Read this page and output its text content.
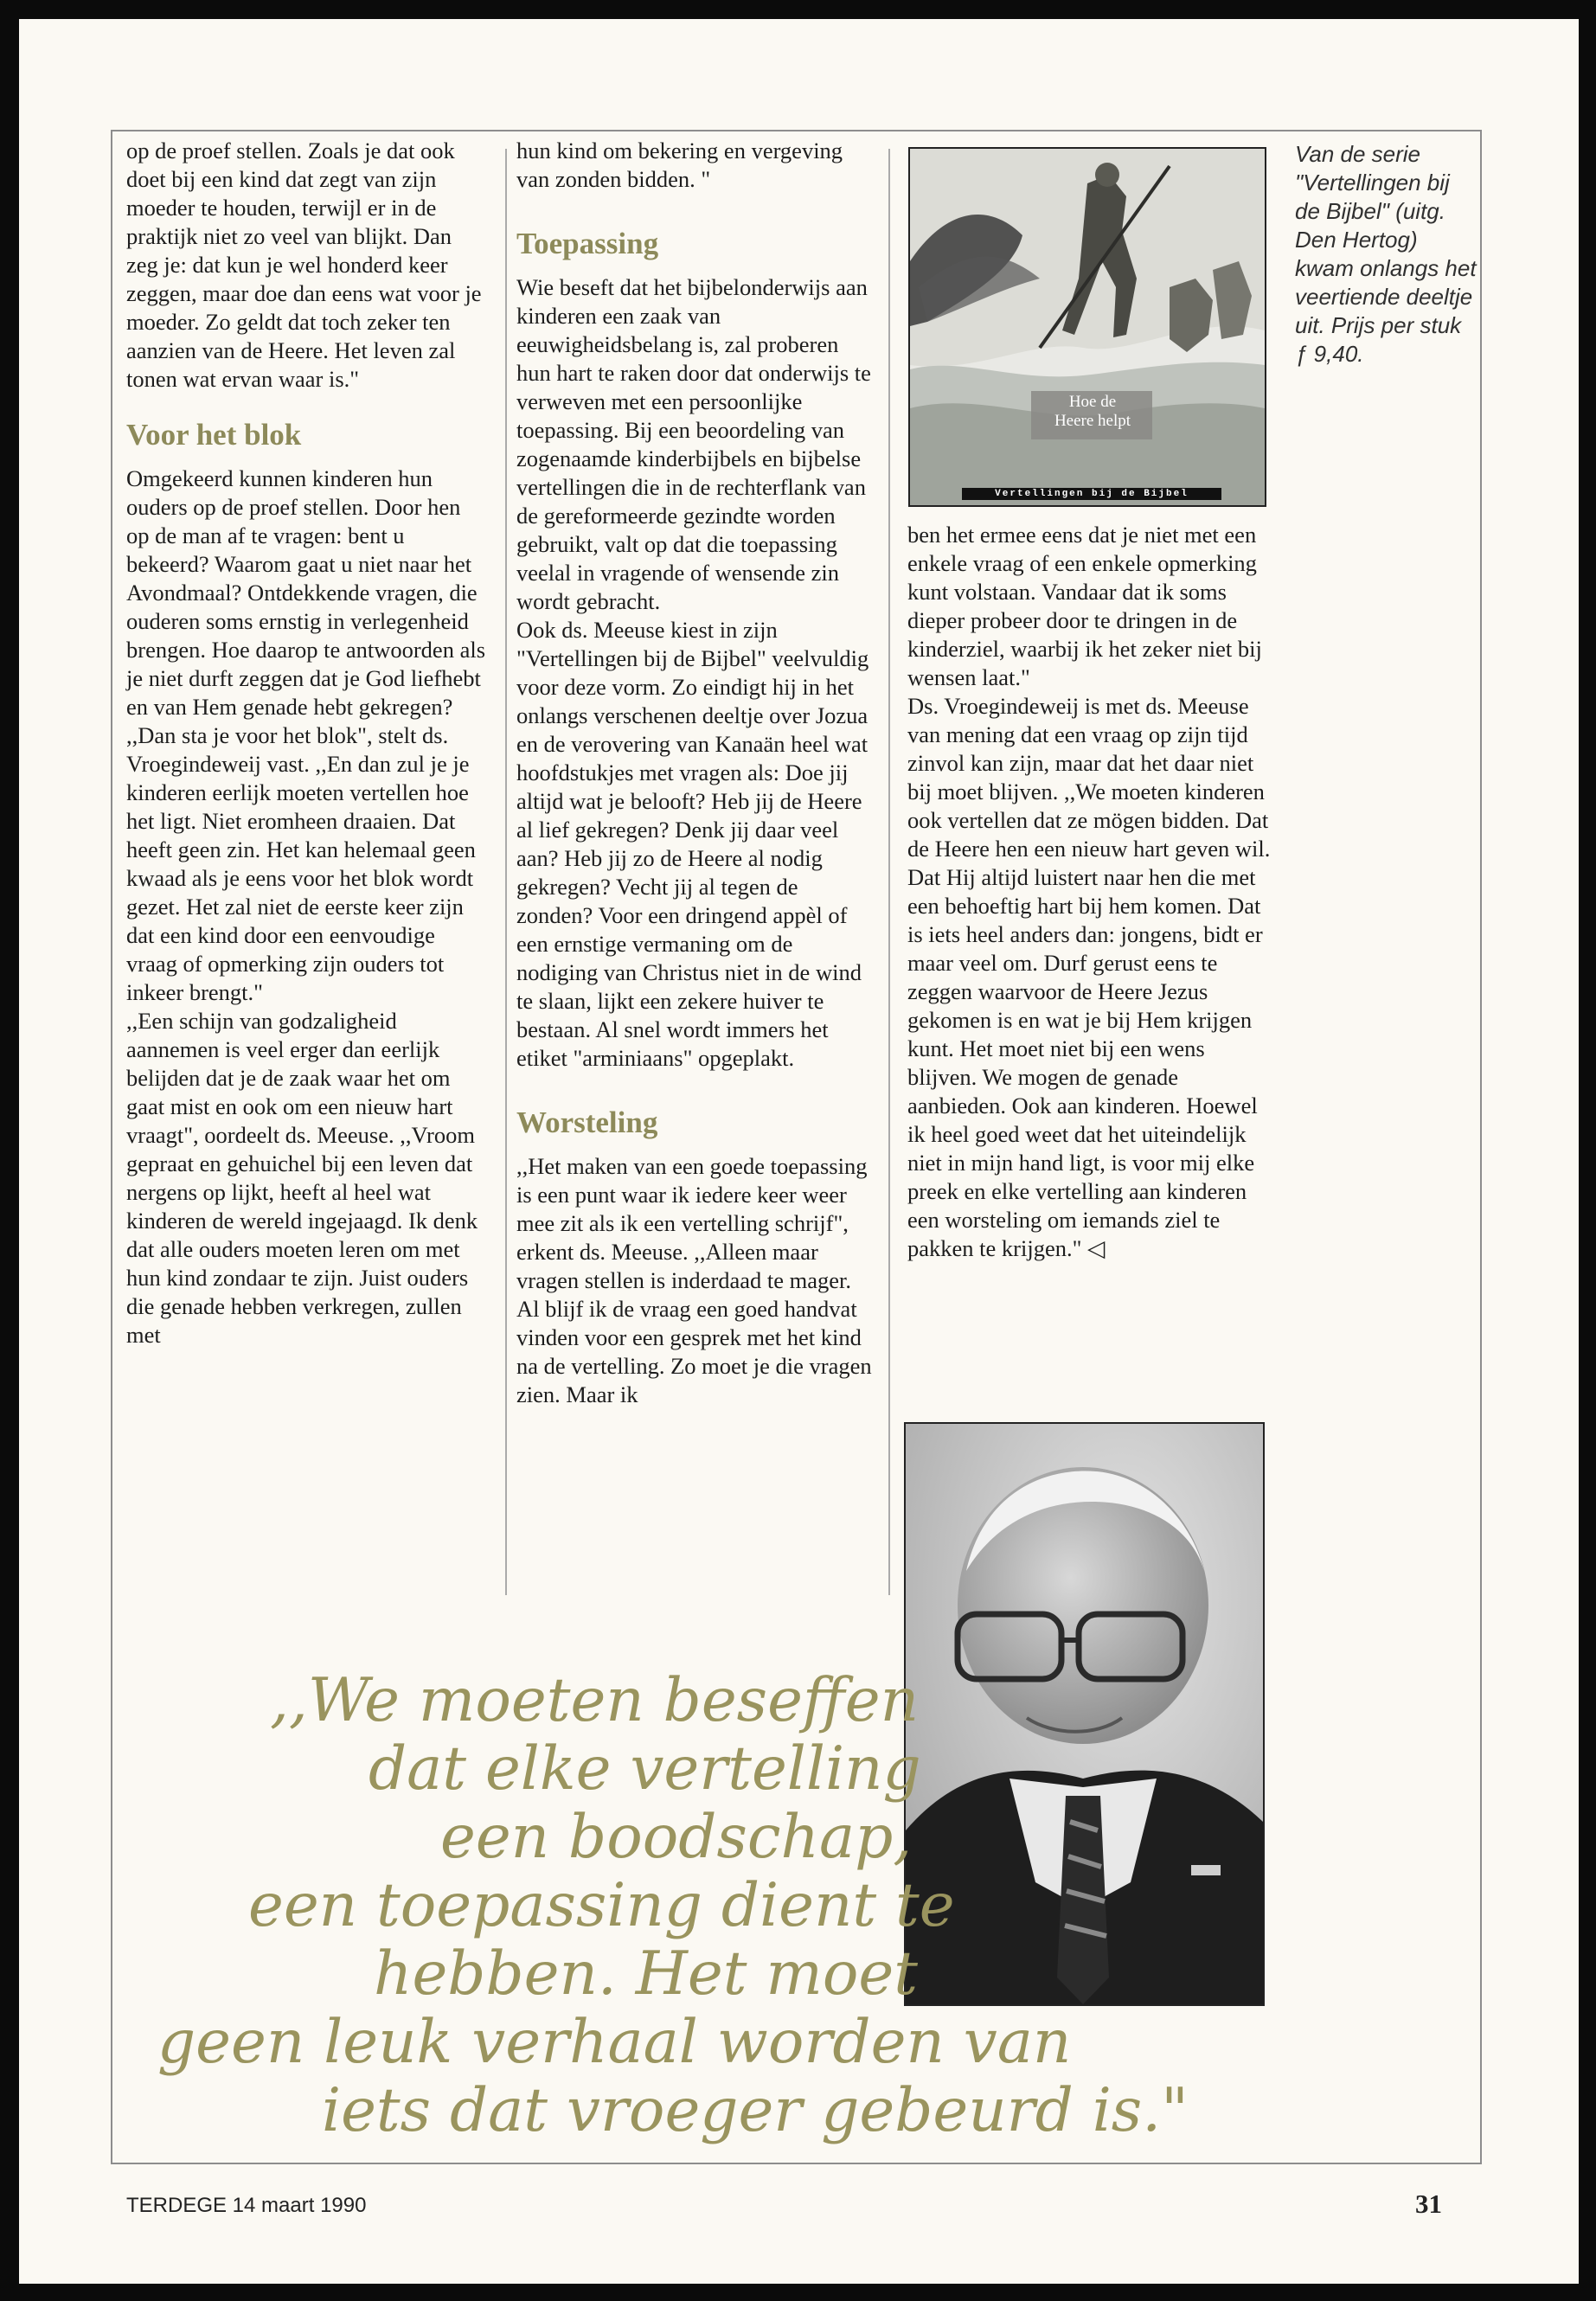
op de proef stellen. Zoals je dat ook doet bij een kind dat zegt van zijn moeder te houden, terwijl er in de praktijk niet zo veel van blijkt. Dan zeg je: dat kun je wel honderd keer zeggen, maar doe dan eens wat voor je moeder. Zo geldt dat toch zeker ten aanzien van de Heere. Het leven zal tonen wat ervan waar is."

Voor het blok

Omgekeerd kunnen kinderen hun ouders op de proef stellen. Door hen op de man af te vragen: bent u bekeerd? Waarom gaat u niet naar het Avondmaal? Ontdekkende vragen, die ouderen soms ernstig in verlegenheid brengen. Hoe daarop te antwoorden als je niet durft zeggen dat je God liefhebt en van Hem genade hebt gekregen?

,,Dan sta je voor het blok", stelt ds. Vroegindeweij vast. ,,En dan zul je je kinderen eerlijk moeten vertellen hoe het ligt. Niet eromheen draaien. Dat heeft geen zin. Het kan helemaal geen kwaad als je eens voor het blok wordt gezet. Het zal niet de eerste keer zijn dat een kind door een eenvoudige vraag of opmerking zijn ouders tot inkeer brengt."

,,Een schijn van godzaligheid aannemen is veel erger dan eerlijk belijden dat je de zaak waar het om gaat mist en ook om een nieuw hart vraagt", oordeelt ds. Meeuse. ,,Vroom gepraat en gehuichel bij een leven dat nergens op lijkt, heeft al heel wat kinderen de wereld ingejaagd. Ik denk dat alle ouders moeten leren om met hun kind zondaar te zijn. Juist ouders die genade hebben verkregen, zullen met

hun kind om bekering en vergeving van zonden bidden. "

Toepassing

Wie beseft dat het bijbelonderwijs aan kinderen een zaak van eeuwigheidsbelang is, zal proberen hun hart te raken door dat onderwijs te verweven met een persoonlijke toepassing. Bij een beoordeling van zogenaamde kinderbijbels en bijbelse vertellingen die in de rechterflank van de gereformeerde gezindte worden gebruikt, valt op dat die toepassing veelal in vragende of wensende zin wordt gebracht.

Ook ds. Meeuse kiest in zijn "Vertellingen bij de Bijbel" veelvuldig voor deze vorm. Zo eindigt hij in het onlangs verschenen deeltje over Jozua en de verovering van Kanaän heel wat hoofdstukjes met vragen als: Doe jij altijd wat je belooft? Heb jij de Heere al lief gekregen? Denk jij daar veel aan? Heb jij zo de Heere al nodig gekregen? Vecht jij al tegen de zonden? Voor een dringend appèl of een ernstige vermaning om de nodiging van Christus niet in de wind te slaan, lijkt een zekere huiver te bestaan. Al snel wordt immers het etiket "arminiaans" opgeplakt.

Worsteling

,,Het maken van een goede toepassing is een punt waar ik iedere keer weer mee zit als ik een vertelling schrijf", erkent ds. Meeuse. ,,Alleen maar vragen stellen is inderdaad te mager. Al blijf ik de vraag een goed handvat vinden voor een gesprek met het kind na de vertelling. Zo moet je die vragen zien. Maar ik

Hoe de
Heere helpt
Vertellingen bij de Bijbel
Van de serie "Vertellingen bij de Bijbel" (uitg. Den Hertog) kwam onlangs het veertiende deeltje uit. Prijs per stuk ƒ 9,40.

ben het ermee eens dat je niet met een enkele vraag of een enkele opmerking kunt volstaan. Vandaar dat ik soms dieper probeer door te dringen in de kinderziel, waarbij ik het zeker niet bij wensen laat."

Ds. Vroegindeweij is met ds. Meeuse van mening dat een vraag op zijn tijd zinvol kan zijn, maar dat het daar niet bij moet blijven. ,,We moeten kinderen ook vertellen dat ze mögen bidden. Dat de Heere hen een nieuw hart geven wil. Dat Hij altijd luistert naar hen die met een behoeftig hart bij hem komen. Dat is iets heel anders dan: jongens, bidt er maar veel om. Durf gerust eens te zeggen waarvoor de Heere Jezus gekomen is en wat je bij Hem krijgen kunt. Het moet niet bij een wens blijven. We mogen de genade aanbieden. Ook aan kinderen. Hoewel ik heel goed weet dat het uiteindelijk niet in mijn hand ligt, is voor mij elke preek en elke vertelling aan kinderen een worsteling om iemands ziel te pakken te krijgen." ◁

,,We moeten beseffen
dat elke vertelling
een boodschap,
een toepassing dient te
hebben. Het moet
geen leuk verhaal worden van
iets dat vroeger gebeurd is."
TERDEGE 14 maart 1990	31
